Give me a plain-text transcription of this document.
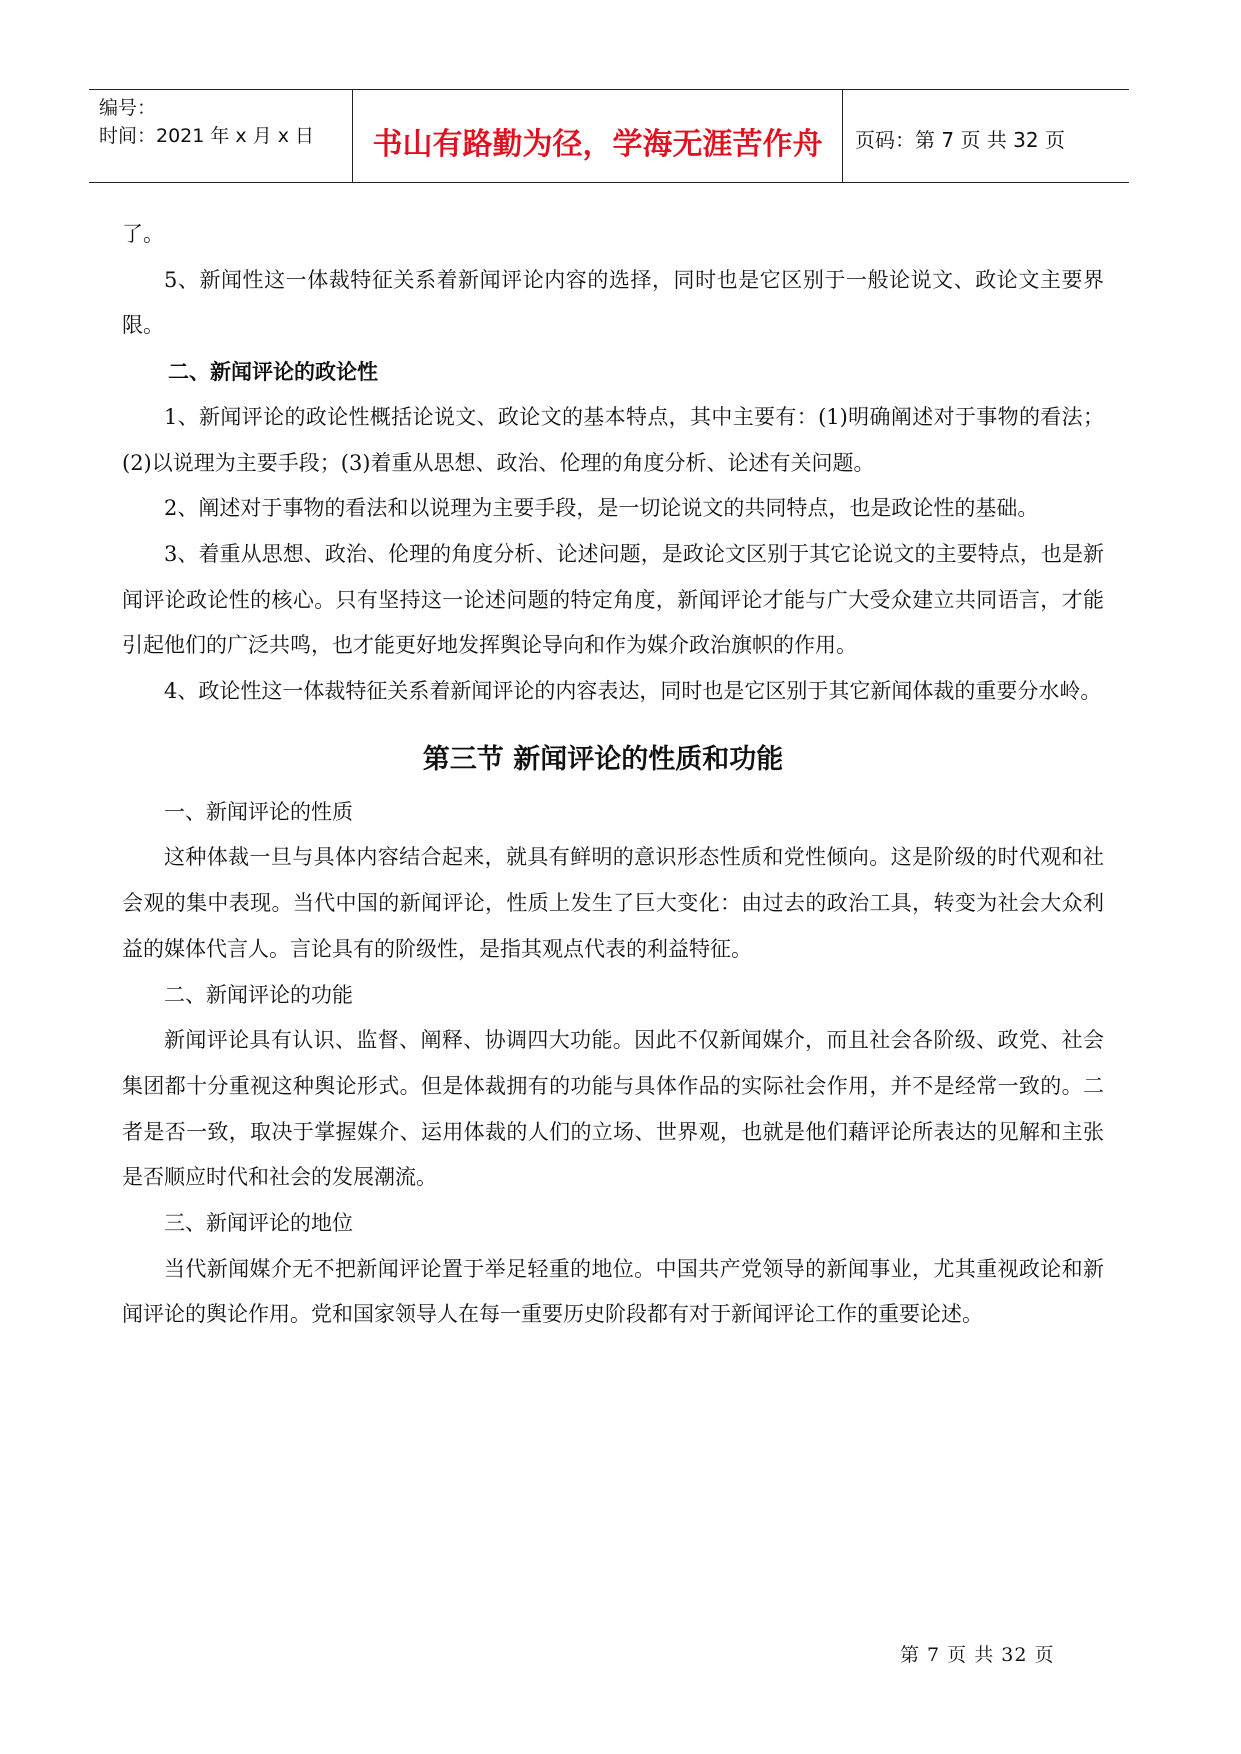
编号：
时间：2021 年 x 月 x 日	书山有路勤为径，学海无涯苦作舟 页码：第 7 页 共 32 页

了。

5、新闻性这一体裁特征关系着新闻评论内容的选择，同时也是它区别于一般论说文、政论文主要界限。

二、新闻评论的政论性

1、新闻评论的政论性概括论说文、政论文的基本特点，其中主要有：(1)明确阐述对于事物的看法；(2)以说理为主要手段；(3)着重从思想、政治、伦理的角度分析、论述有关问题。

2、阐述对于事物的看法和以说理为主要手段，是一切论说文的共同特点，也是政论性的基础。

3、着重从思想、政治、伦理的角度分析、论述问题，是政论文区别于其它论说文的主要特点，也是新闻评论政论性的核心。只有坚持这一论述问题的特定角度，新闻评论才能与广大受众建立共同语言，才能引起他们的广泛共鸣，也才能更好地发挥舆论导向和作为媒介政治旗帜的作用。

4、政论性这一体裁特征关系着新闻评论的内容表达，同时也是它区别于其它新闻体裁的重要分水岭。

第三节 新闻评论的性质和功能

一、新闻评论的性质

这种体裁一旦与具体内容结合起来，就具有鲜明的意识形态性质和党性倾向。这是阶级的时代观和社会观的集中表现。当代中国的新闻评论，性质上发生了巨大变化：由过去的政治工具，转变为社会大众利益的媒体代言人。言论具有的阶级性，是指其观点代表的利益特征。

二、新闻评论的功能

新闻评论具有认识、监督、阐释、协调四大功能。因此不仅新闻媒介，而且社会各阶级、政党、社会集团都十分重视这种舆论形式。但是体裁拥有的功能与具体作品的实际社会作用，并不是经常一致的。二者是否一致，取决于掌握媒介、运用体裁的人们的立场、世界观，也就是他们藉评论所表达的见解和主张是否顺应时代和社会的发展潮流。

三、新闻评论的地位

当代新闻媒介无不把新闻评论置于举足轻重的地位。中国共产党领导的新闻事业，尤其重视政论和新闻评论的舆论作用。党和国家领导人在每一重要历史阶段都有对于新闻评论工作的重要论述。

第 7 页 共 32 页
